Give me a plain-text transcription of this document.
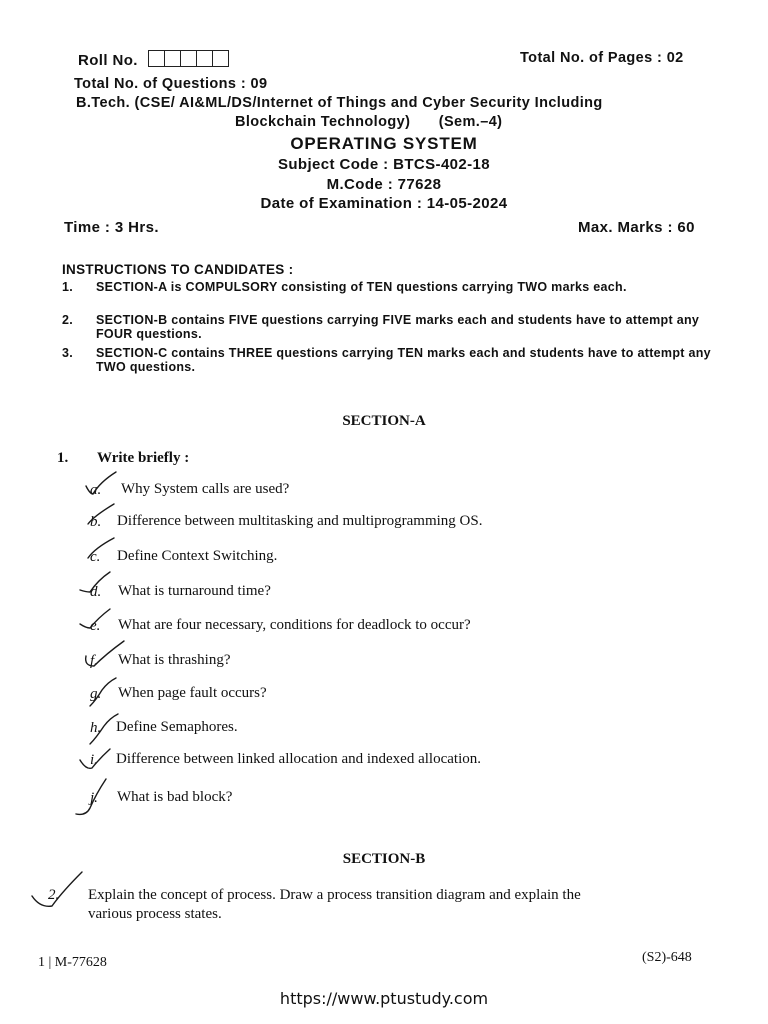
Roll No.	Total No. of Pages : 02
Total No. of Questions : 09
B.Tech. (CSE/ AI&ML/DS/Internet of Things and Cyber Security Including
Blockchain Technology) (Sem.–4)
OPERATING SYSTEM
Subject Code : BTCS-402-18
M.Code : 77628
Date of Examination : 14-05-2024
Time : 3 Hrs.	Max. Marks : 60
INSTRUCTIONS TO CANDIDATES :
1.	SECTION-A is COMPULSORY consisting of TEN questions carrying TWO marks each.
2.	SECTION-B contains FIVE questions carrying FIVE marks each and students have to attempt any FOUR questions.
3.	SECTION-C contains THREE questions carrying TEN marks each and students have to attempt any TWO questions.
SECTION-A
1. Write briefly :
a. Why System calls are used?
b. Difference between multitasking and multiprogramming OS.
c. Define Context Switching.
d. What is turnaround time?
e. What are four necessary, conditions for deadlock to occur?
f. What is thrashing?
g. When page fault occurs?
h. Define Semaphores.
i. Difference between linked allocation and indexed allocation.
j. What is bad block?
SECTION-B
2. Explain the concept of process. Draw a process transition diagram and explain the
various process states.
1 | M-77628	(S2)-648
https://www.ptustudy.com
